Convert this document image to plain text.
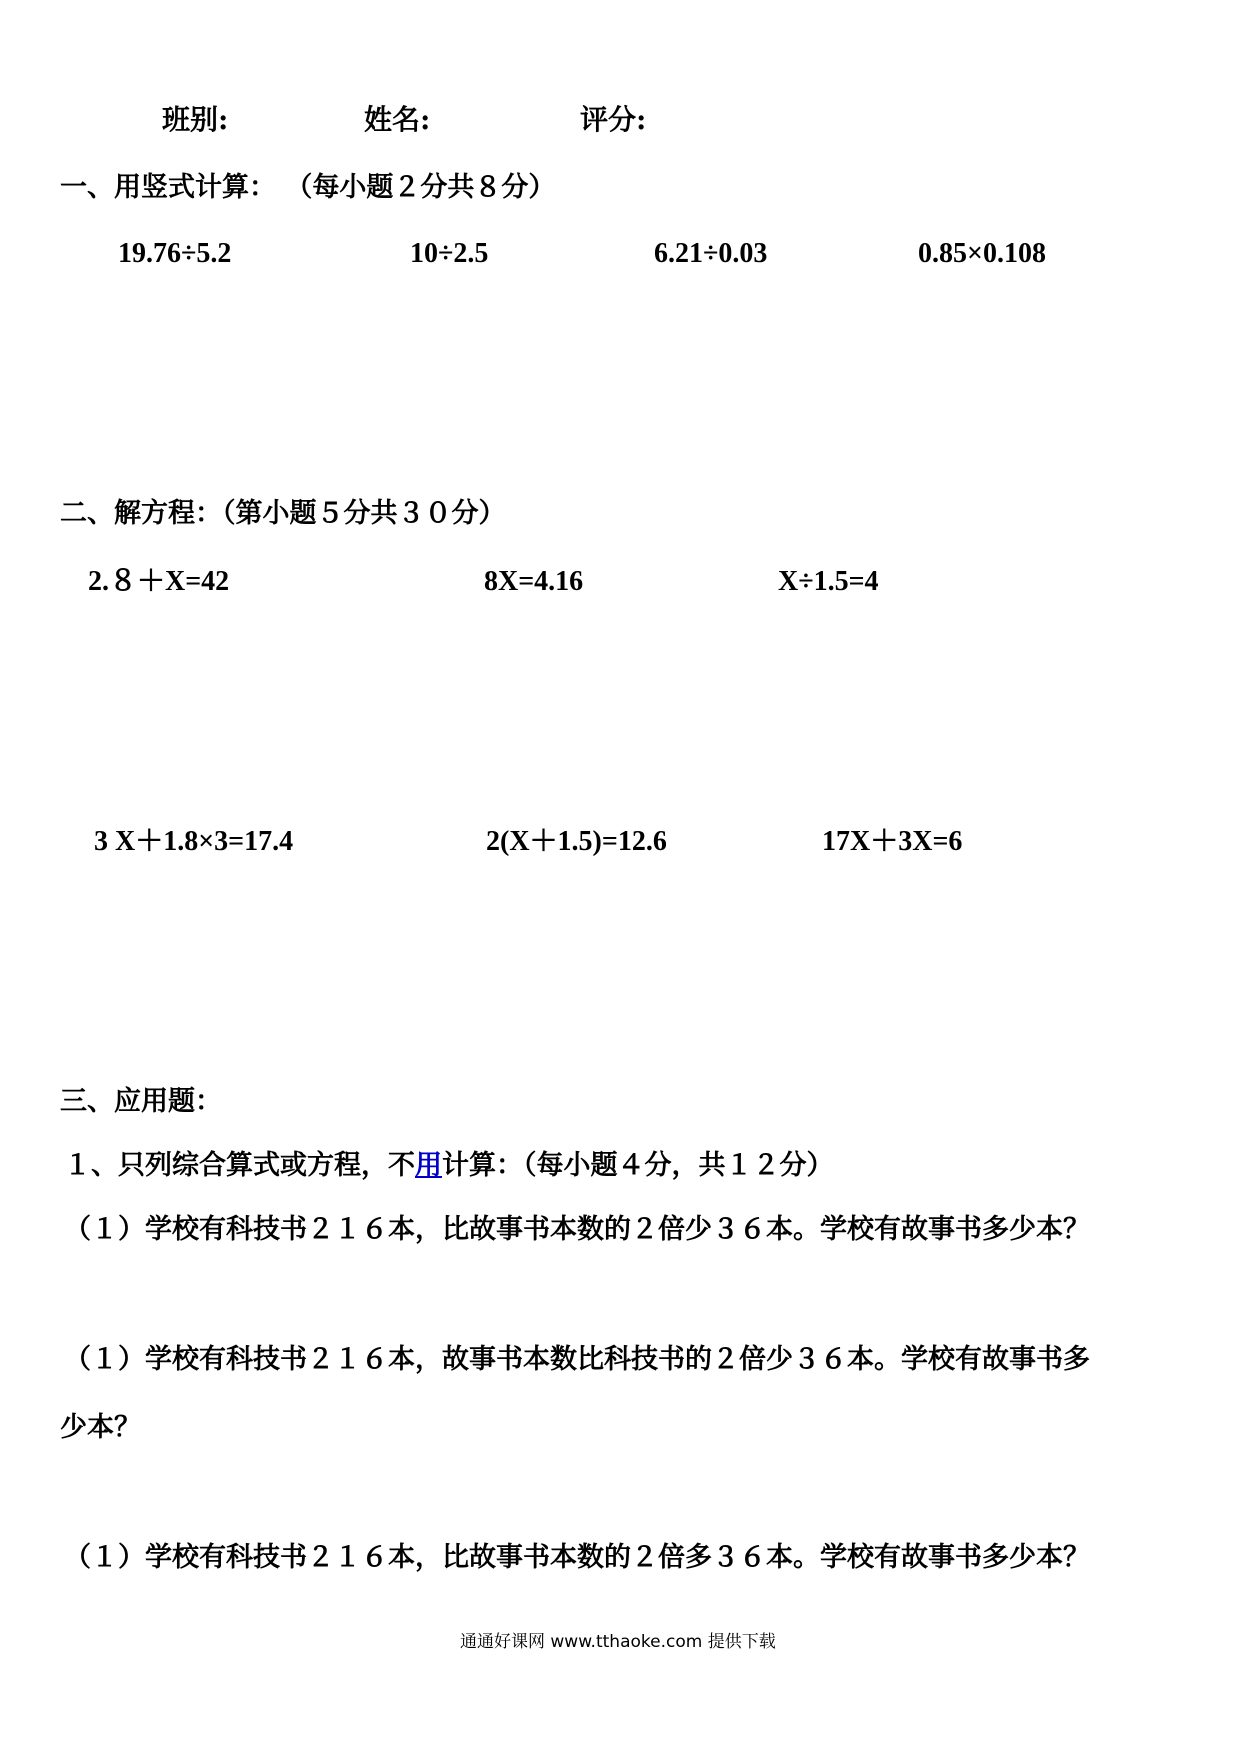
班别:	姓名:	评分:
一、用竖式计算： （每小题２分共８分）
19.76÷5.2	10÷2.5	6.21÷0.03	0.85×0.108
二、解方程：（第小题５分共３０分）
2.８＋X=42	8X=4.16	X÷1.5=4
3 X＋1.8×3=17.4	2(X＋1.5)=12.6	17X＋3X=6
三、应用题：
１、只列综合算式或方程，不用计算：（每小题４分，共１２分）
（１）学校有科技书２１６本，比故事书本数的２倍少３６本。学校有故事书多少本？
（１）学校有科技书２１６本，故事书本数比科技书的２倍少３６本。学校有故事书多
少本？
（１）学校有科技书２１６本，比故事书本数的２倍多３６本。学校有故事书多少本？
通通好课网 www.tthaoke.com 提供下载
